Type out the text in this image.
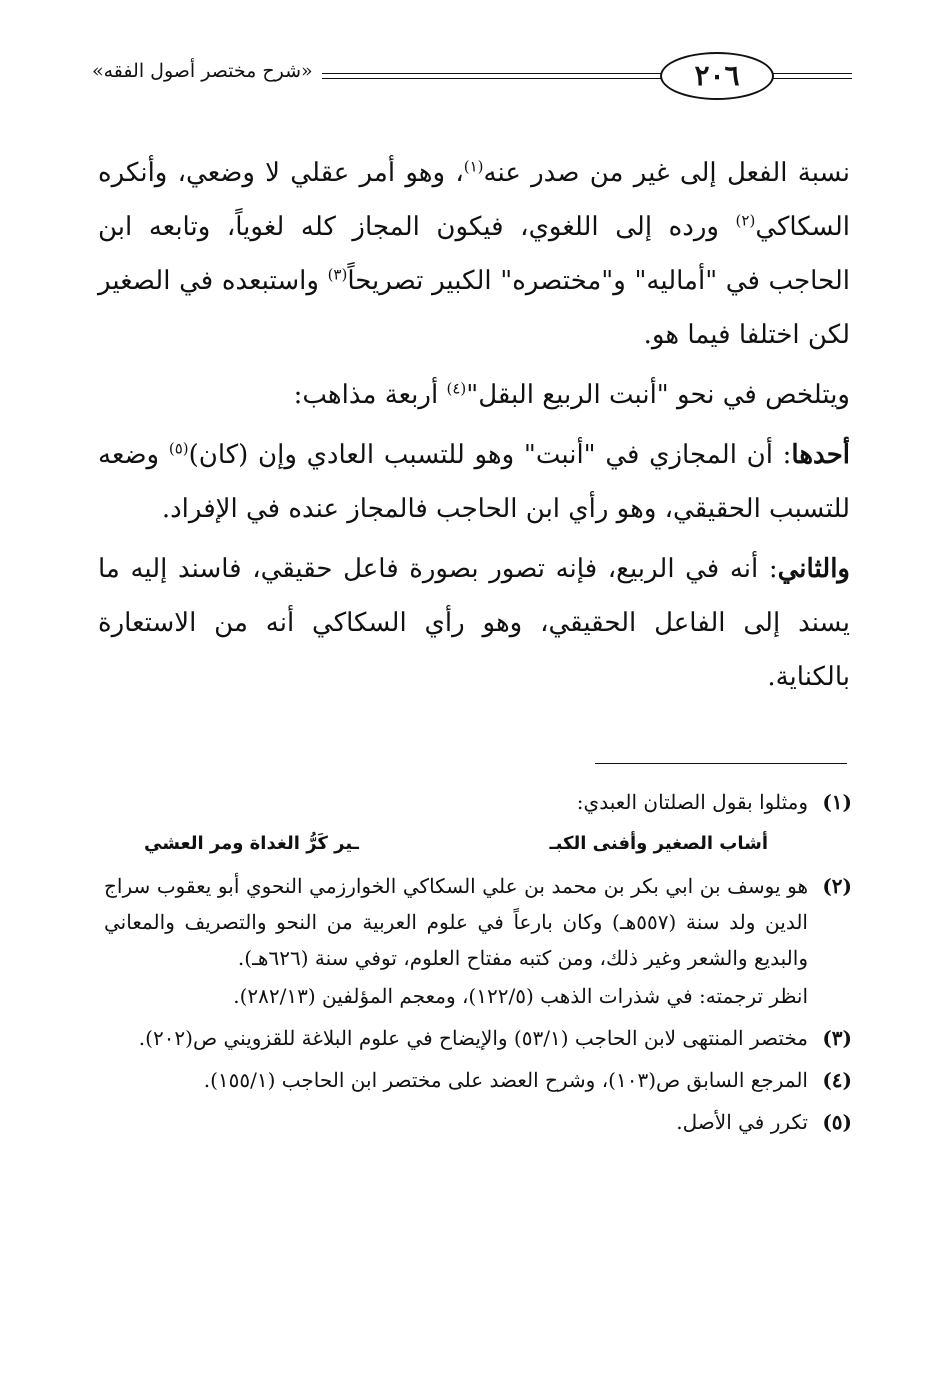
٢٠٦
«شرح مختصر أصول الفقه»

نسبة الفعل إلى غير من صدر عنه$^{(١)}$، وهو أمر عقلي لا وضعي، وأنكره السكاكي$^{(٢)}$ ورده إلى اللغوي، فيكون المجاز كله لغوياً، وتابعه ابن الحاجب في "أماليه" و"مختصره" الكبير تصريحاً$^{(٣)}$ واستبعده في الصغير لكن اختلفا فيما هو.

ويتلخص في نحو "أنبت الربيع البقل"$^{(٤)}$ أربعة مذاهب:

أحدها: أن المجازي في "أنبت" وهو للتسبب العادي وإن (كان)$^{(٥)}$ وضعه للتسبب الحقيقي، وهو رأي ابن الحاجب فالمجاز عنده في الإفراد.

والثاني: أنه في الربيع، فإنه تصور بصورة فاعل حقيقي، فاسند إليه ما يسند إلى الفاعل الحقيقي، وهو رأي السكاكي أنه من الاستعارة بالكناية.

(١)
ومثلوا بقول الصلتان العبدي:
أشاب الصغير وأفنى الكبـ
ـير كَرُّ الغداة ومر العشي
(٢)
هو يوسف بن ابي بكر بن محمد بن علي السكاكي الخوارزمي النحوي أبو يعقوب سراج الدين ولد سنة (٥٥٧هـ) وكان بارعاً في علوم العربية من النحو والتصريف والمعاني والبديع والشعر وغير ذلك، ومن كتبه مفتاح العلوم، توفي سنة (٦٢٦هـ).
انظر ترجمته: في شذرات الذهب (١٢٢/٥)، ومعجم المؤلفين (٢٨٢/١٣).
(٣)
مختصر المنتهى لابن الحاجب (٥٣/١) والإيضاح في علوم البلاغة للقزويني ص(٢٠٢).
(٤)
المرجع السابق ص(١٠٣)، وشرح العضد على مختصر ابن الحاجب (١٥٥/١).
(٥)
تكرر في الأصل.
